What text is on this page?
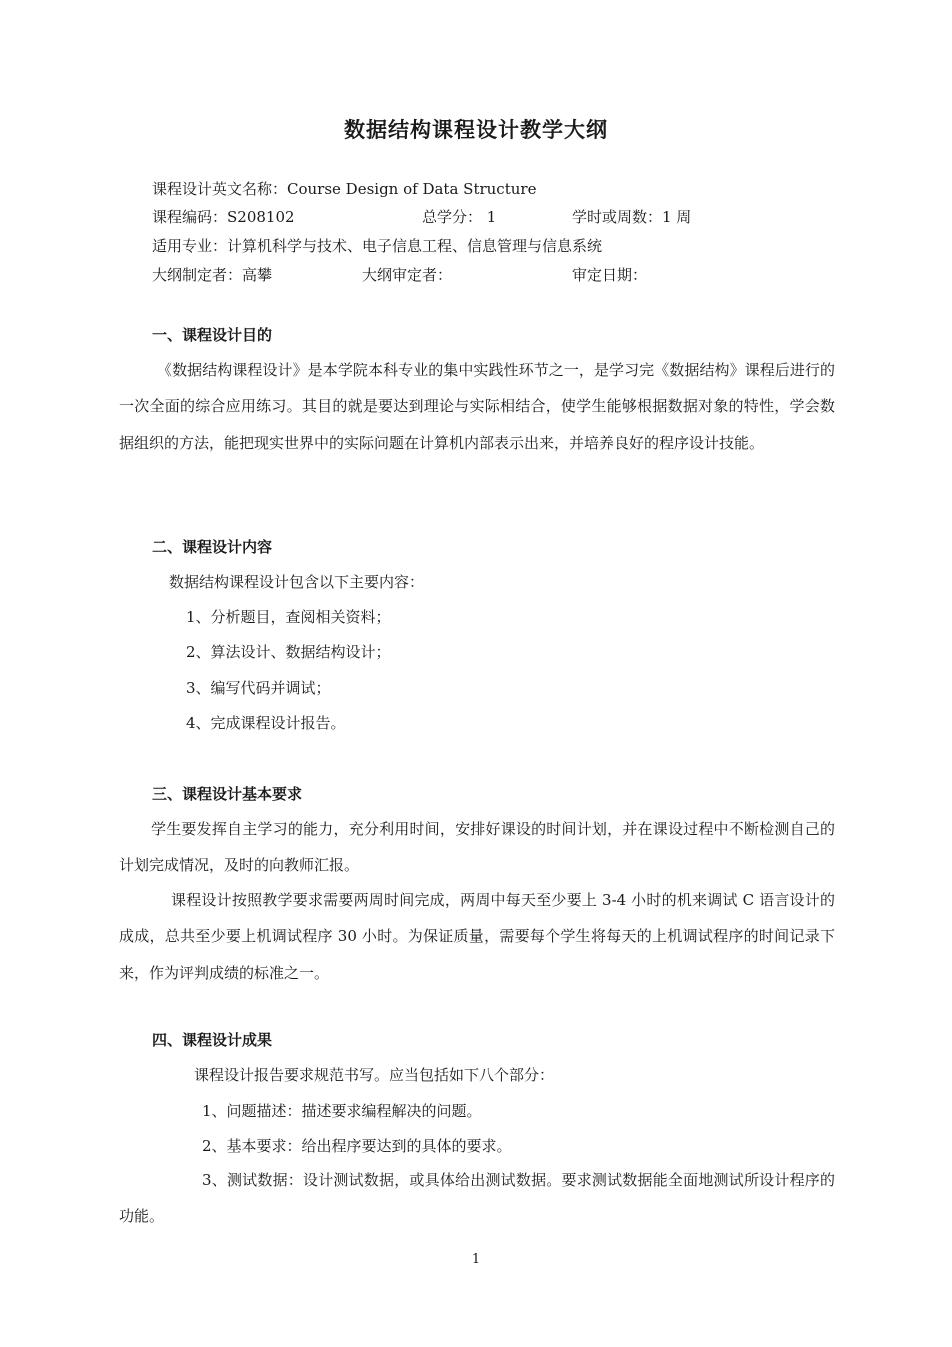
数据结构课程设计教学大纲
课程设计英文名称：Course Design of Data Structure
课程编码：S208102	总学分： 1	学时或周数：1 周
适用专业：计算机科学与技术、电子信息工程、信息管理与信息系统
大纲制定者：高攀	大纲审定者：	审定日期：
一、课程设计目的
《数据结构课程设计》是本学院本科专业的集中实践性环节之一，是学习完《数据结构》课程后进行的一次全面的综合应用练习。其目的就是要达到理论与实际相结合，使学生能够根据数据对象的特性，学会数据组织的方法，能把现实世界中的实际问题在计算机内部表示出来，并培养良好的程序设计技能。
二、课程设计内容
数据结构课程设计包含以下主要内容：
1、分析题目，查阅相关资料；
2、算法设计、数据结构设计；
3、编写代码并调试；
4、完成课程设计报告。
三、课程设计基本要求
学生要发挥自主学习的能力，充分利用时间，安排好课设的时间计划，并在课设过程中不断检测自己的计划完成情况，及时的向教师汇报。
课程设计按照教学要求需要两周时间完成，两周中每天至少要上 3-4 小时的机来调试 C 语言设计的成成，总共至少要上机调试程序 30 小时。为保证质量，需要每个学生将每天的上机调试程序的时间记录下来，作为评判成绩的标准之一。
四、课程设计成果
课程设计报告要求规范书写。应当包括如下八个部分：
1、问题描述：描述要求编程解决的问题。
2、基本要求：给出程序要达到的具体的要求。
3、测试数据：设计测试数据，或具体给出测试数据。要求测试数据能全面地测试所设计程序的功能。
1
